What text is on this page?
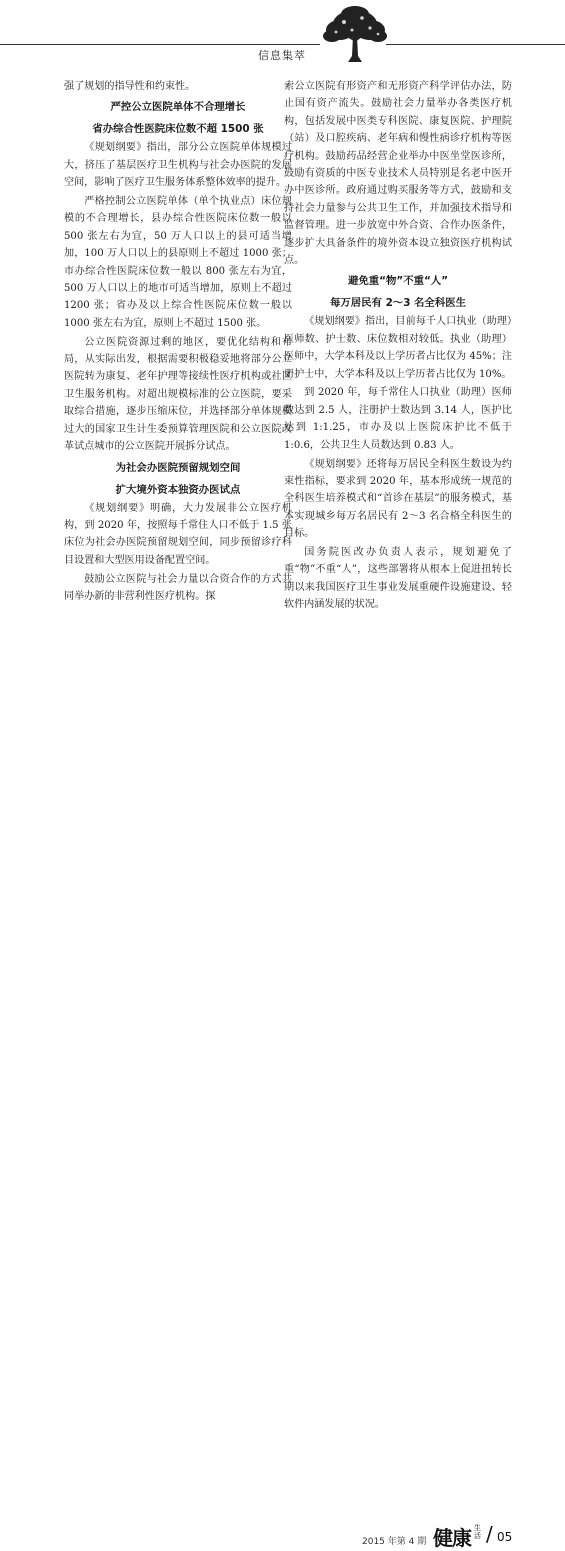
信息集萃

强了规划的指导性和约束性。

严控公立医院单体不合理增长
省办综合性医院床位数不超 1500 张

《规划纲要》指出，部分公立医院单体规模过大，挤压了基层医疗卫生机构与社会办医院的发展空间，影响了医疗卫生服务体系整体效率的提升。

严格控制公立医院单体（单个执业点）床位规模的不合理增长，县办综合性医院床位数一般以 500 张左右为宜，50 万人口以上的县可适当增加，100 万人口以上的县原则上不超过 1000 张；市办综合性医院床位数一般以 800 张左右为宜，500 万人口以上的地市可适当增加，原则上不超过 1200 张；省办及以上综合性医院床位数一般以 1000 张左右为宜，原则上不超过 1500 张。

公立医院资源过剩的地区，要优化结构和布局，从实际出发，根据需要积极稳妥地将部分公立医院转为康复、老年护理等接续性医疗机构或社区卫生服务机构。对超出规模标准的公立医院，要采取综合措施，逐步压缩床位，并选择部分单体规模过大的国家卫生计生委预算管理医院和公立医院改革试点城市的公立医院开展拆分试点。

为社会办医院预留规划空间
扩大境外资本独资办医试点

《规划纲要》明确，大力发展非公立医疗机构，到 2020 年，按照每千常住人口不低于 1.5 张床位为社会办医院预留规划空间，同步预留诊疗科目设置和大型医用设备配置空间。

鼓励公立医院与社会力量以合资合作的方式共同举办新的非营利性医疗机构。探

索公立医院有形资产和无形资产科学评估办法，防止国有资产流失。鼓励社会力量举办各类医疗机构，包括发展中医类专科医院、康复医院、护理院（站）及口腔疾病、老年病和慢性病诊疗机构等医疗机构。鼓励药品经营企业举办中医坐堂医诊所，鼓励有资质的中医专业技术人员特别是名老中医开办中医诊所。政府通过购买服务等方式，鼓励和支持社会力量参与公共卫生工作，并加强技术指导和监督管理。进一步放宽中外合资、合作办医条件，逐步扩大具备条件的境外资本设立独资医疗机构试点。

避免重“物”不重“人”
每万居民有 2～3 名全科医生

《规划纲要》指出，目前每千人口执业（助理）医师数、护士数、床位数相对较低。执业（助理）医师中，大学本科及以上学历者占比仅为 45%；注册护士中，大学本科及以上学历者占比仅为 10%。

到 2020 年，每千常住人口执业（助理）医师数达到 2.5 人，注册护士数达到 3.14 人，医护比达到 1:1.25，市办及以上医院床护比不低于 1:0.6，公共卫生人员数达到 0.83 人。

《规划纲要》还将每万居民全科医生数设为约束性指标，要求到 2020 年，基本形成统一规范的全科医生培养模式和“首诊在基层”的服务模式，基本实现城乡每万名居民有 2～3 名合格全科医生的目标。

国务院医改办负责人表示，规划避免了重“物”不重“人”，这些部署将从根本上促进扭转长期以来我国医疗卫生事业发展重硬件设施建设、轻软件内涵发展的状况。

2015 年第 4 期 健康 生活 / 05
